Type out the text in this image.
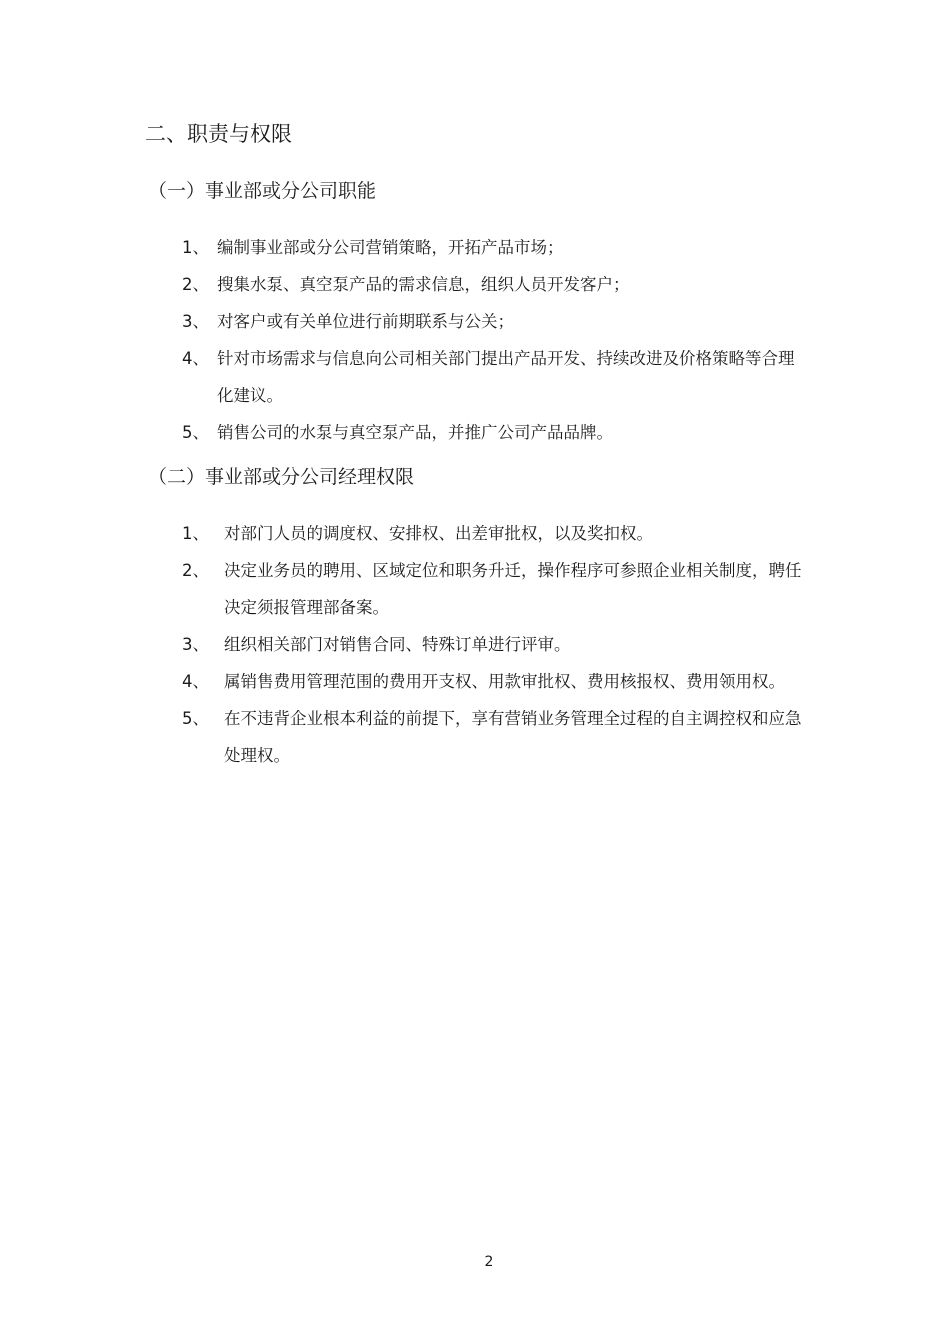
二、职责与权限
（一）事业部或分公司职能
1、 编制事业部或分公司营销策略，开拓产品市场；
2、 搜集水泵、真空泵产品的需求信息，组织人员开发客户；
3、 对客户或有关单位进行前期联系与公关；
4、 针对市场需求与信息向公司相关部门提出产品开发、持续改进及价格策略等合理化建议。
5、 销售公司的水泵与真空泵产品，并推广公司产品品牌。
（二）事业部或分公司经理权限
1、 对部门人员的调度权、安排权、出差审批权，以及奖扣权。
2、 决定业务员的聘用、区域定位和职务升迁，操作程序可参照企业相关制度，聘任决定须报管理部备案。
3、 组织相关部门对销售合同、特殊订单进行评审。
4、 属销售费用管理范围的费用开支权、用款审批权、费用核报权、费用领用权。
5、 在不违背企业根本利益的前提下，享有营销业务管理全过程的自主调控权和应急处理权。
2
